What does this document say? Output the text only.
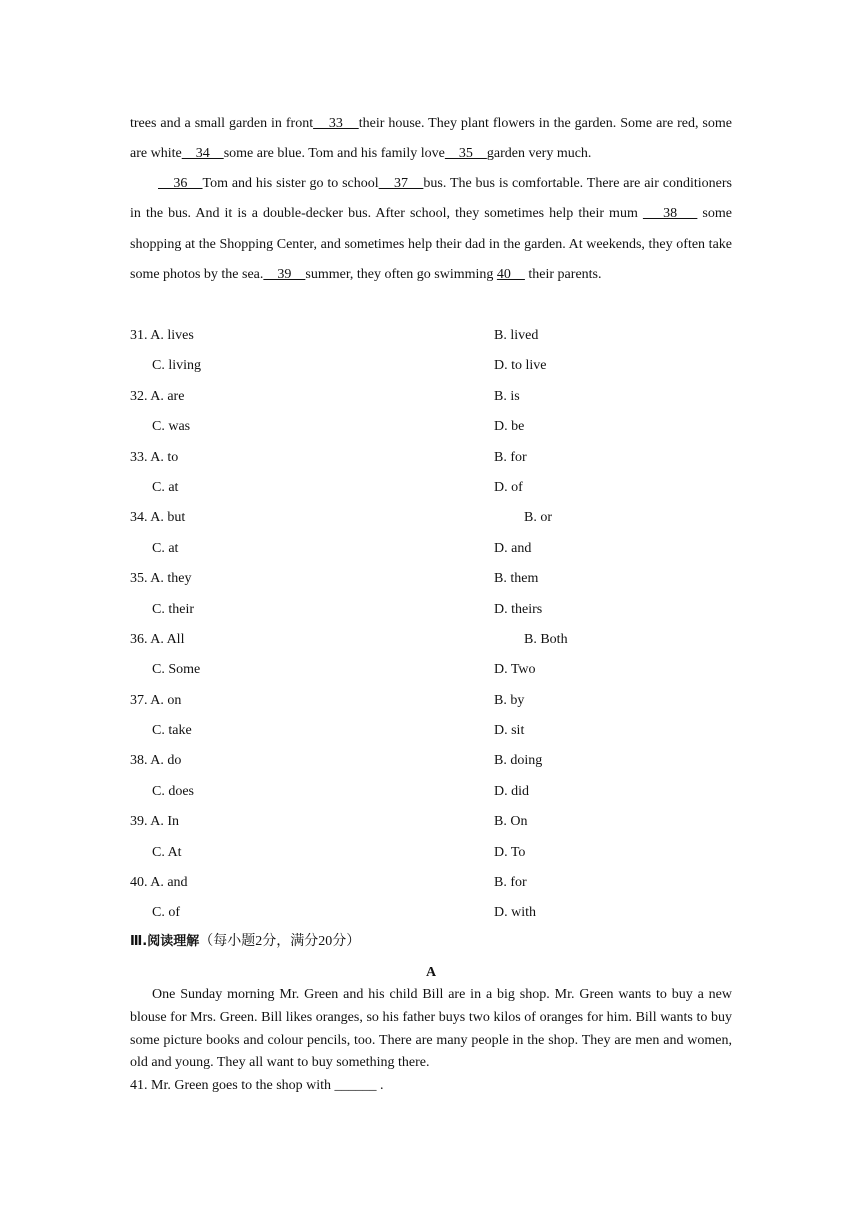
trees and a small garden in front    33    their house. They plant flowers in the garden. Some are red, some are white    34    some are blue. Tom and his family love    35    garden very much.

36    Tom and his sister go to school    37    bus. The bus is comfortable. There are air conditioners in the bus. And it is a double-decker bus. After school, they sometimes help their mum     38     some shopping at the Shopping Center, and sometimes help their dad in the garden. At weekends, they often take some photos by the sea.    39    summer, they often go swimming 40     their parents.

31. A. lives	B. lived
C. living	D. to live
32. A. are	B. is
C. was	D. be
33. A. to	B. for
C. at	D. of
34. A. but	B. or
C. at	D. and
35. A. they	B. them
C. their	D. theirs
36. A. All	B. Both
C. Some	D. Two
37. A. on	B. by
C. take	D. sit
38. A. do	B. doing
C. does	D. did
39. A. In	B. On
C. At	D. To
40. A. and	B. for
C. of	D. with
Ⅲ.阅读理解（每小题2分，满分20分）
A

One Sunday morning Mr. Green and his child Bill are in a big shop. Mr. Green wants to buy a new blouse for Mrs. Green. Bill likes oranges, so his father buys two kilos of oranges for him. Bill wants to buy some picture books and colour pencils, too. There are many people in the shop. They are men and women, old and young. They all want to buy something there.

41. Mr. Green goes to the shop with ______ .
